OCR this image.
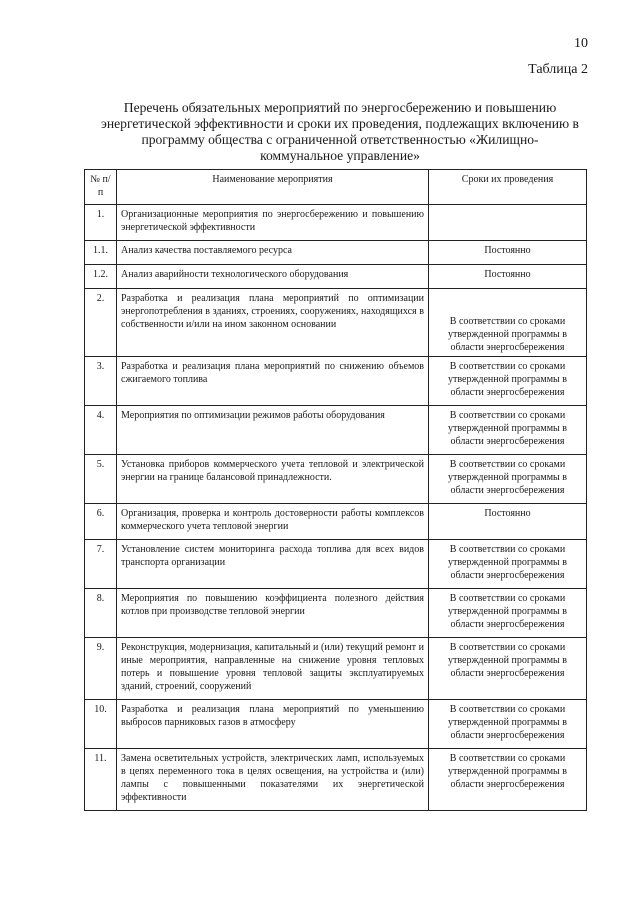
10
Таблица 2
Перечень обязательных мероприятий по энергосбережению и повышению энергетической эффективности и сроки их проведения, подлежащих включению в программу общества с ограниченной ответственностью «Жилищно-коммунальное управление»
№ п/п	Наименование мероприятия	Сроки их проведения
1.	Организационные мероприятия по энергосбережению и повышению энергетической эффективности	
1.1.	Анализ качества поставляемого ресурса	Постоянно
1.2.	Анализ аварийности технологического оборудования	Постоянно
2.	Разработка и реализация плана мероприятий по оптимизации энергопотребления в зданиях, строениях, сооружениях, находящихся в собственности и/или на ином законном основании	В соответствии со сроками утвержденной программы в области энергосбережения
3.	Разработка и реализация плана мероприятий по снижению объемов сжигаемого топлива	В соответствии со сроками утвержденной программы в области энергосбережения
4.	Мероприятия по оптимизации режимов работы оборудования	В соответствии со сроками утвержденной программы в области энергосбережения
5.	Установка приборов коммерческого учета тепловой и электрической энергии на границе балансовой принадлежности.	В соответствии со сроками утвержденной программы в области энергосбережения
6.	Организация, проверка и контроль достоверности работы комплексов коммерческого учета тепловой энергии	Постоянно
7.	Установление систем мониторинга расхода топлива для всех видов транспорта организации	В соответствии со сроками утвержденной программы в области энергосбережения
8.	Мероприятия по повышению коэффициента полезного действия котлов при производстве тепловой энергии	В соответствии со сроками утвержденной программы в области энергосбережения
9.	Реконструкция, модернизация, капитальный и (или) текущий ремонт и иные мероприятия, направленные на снижение уровня тепловых потерь и повышение уровня тепловой защиты эксплуатируемых зданий, строений, сооружений	В соответствии со сроками утвержденной программы в области энергосбережения
10.	Разработка и реализация плана мероприятий по уменьшению выбросов парниковых газов в атмосферу	В соответствии со сроками утвержденной программы в области энергосбережения
11.	Замена осветительных устройств, электрических ламп, используемых в цепях переменного тока в целях освещения, на устройства и (или) лампы с повышенными показателями их энергетической эффективности	В соответствии со сроками утвержденной программы в области энергосбережения
